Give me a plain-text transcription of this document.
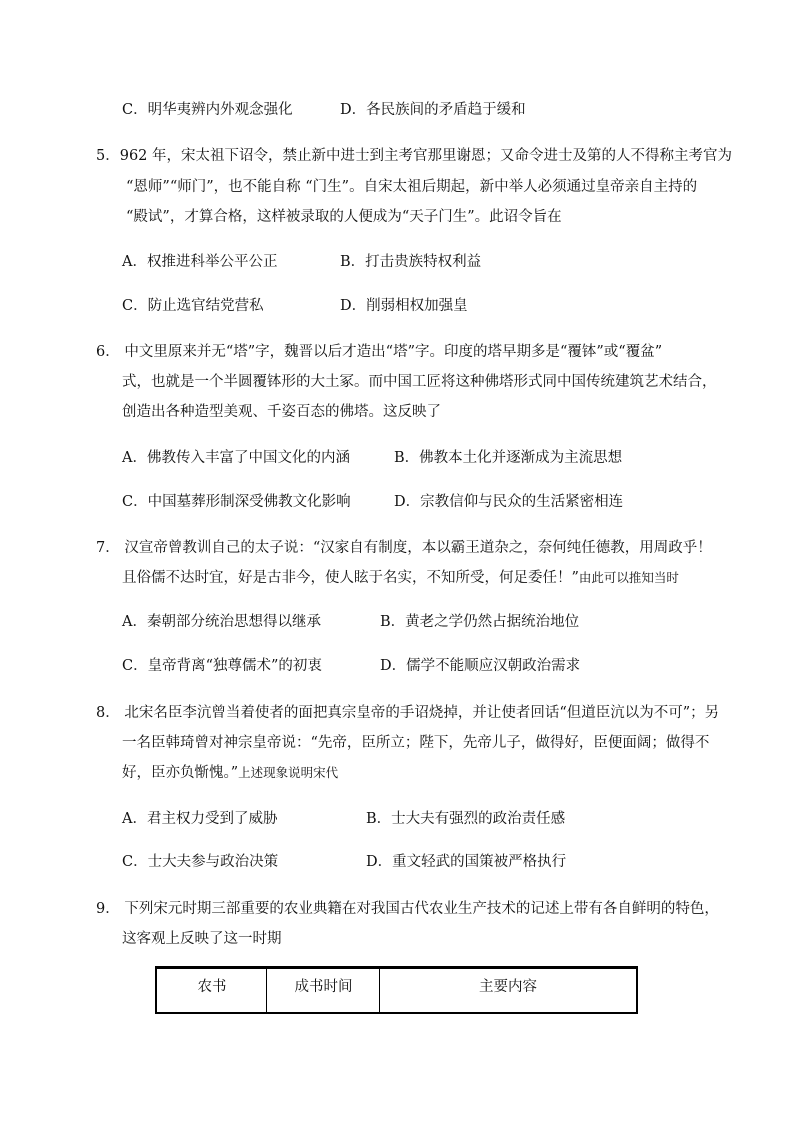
C．明华夷辨内外观念强化	D．各民族间的矛盾趋于缓和
5．962 年，宋太祖下诏令，禁止新中进士到主考官那里谢恩；又命令进士及第的人不得称主考官为
“恩师”“师门”，也不能自称 “门生”。自宋太祖后期起，新中举人必须通过皇帝亲自主持的
“殿试”，才算合格，这样被录取的人便成为“天子门生”。此诏令旨在
A．权推进科举公平公正	B．打击贵族特权利益
C．防止选官结党营私	D．削弱相权加强皇
6． 中文里原来并无“塔”字，魏晋以后才造出“塔”字。印度的塔早期多是“覆钵”或“覆盆”
式，也就是一个半圆覆钵形的大土冢。而中国工匠将这种佛塔形式同中国传统建筑艺术结合，
创造出各种造型美观、千姿百态的佛塔。这反映了
A．佛教传入丰富了中国文化的内涵	B．佛教本土化并逐渐成为主流思想
C．中国墓葬形制深受佛教文化影响	D．宗教信仰与民众的生活紧密相连
7． 汉宣帝曾教训自己的太子说：“汉家自有制度，本以霸王道杂之，奈何纯任德教，用周政乎！
且俗儒不达时宜，好是古非今，使人眩于名实，不知所受，何足委任！”由此可以推知当时
A．秦朝部分统治思想得以继承	B．黄老之学仍然占据统治地位
C．皇帝背离“独尊儒术”的初衷	D．儒学不能顺应汉朝政治需求
8． 北宋名臣李沆曾当着使者的面把真宗皇帝的手诏烧掉，并让使者回话“但道臣沆以为不可”；另
一名臣韩琦曾对神宗皇帝说：“先帝，臣所立；陛下，先帝儿子，做得好，臣便面阔；做得不
好，臣亦负惭愧。”上述现象说明宋代
A．君主权力受到了威胁	B．士大夫有强烈的政治责任感
C．士大夫参与政治决策	D．重文轻武的国策被严格执行
9． 下列宋元时期三部重要的农业典籍在对我国古代农业生产技术的记述上带有各自鲜明的特色，
这客观上反映了这一时期
农书	成书时间	主要内容
